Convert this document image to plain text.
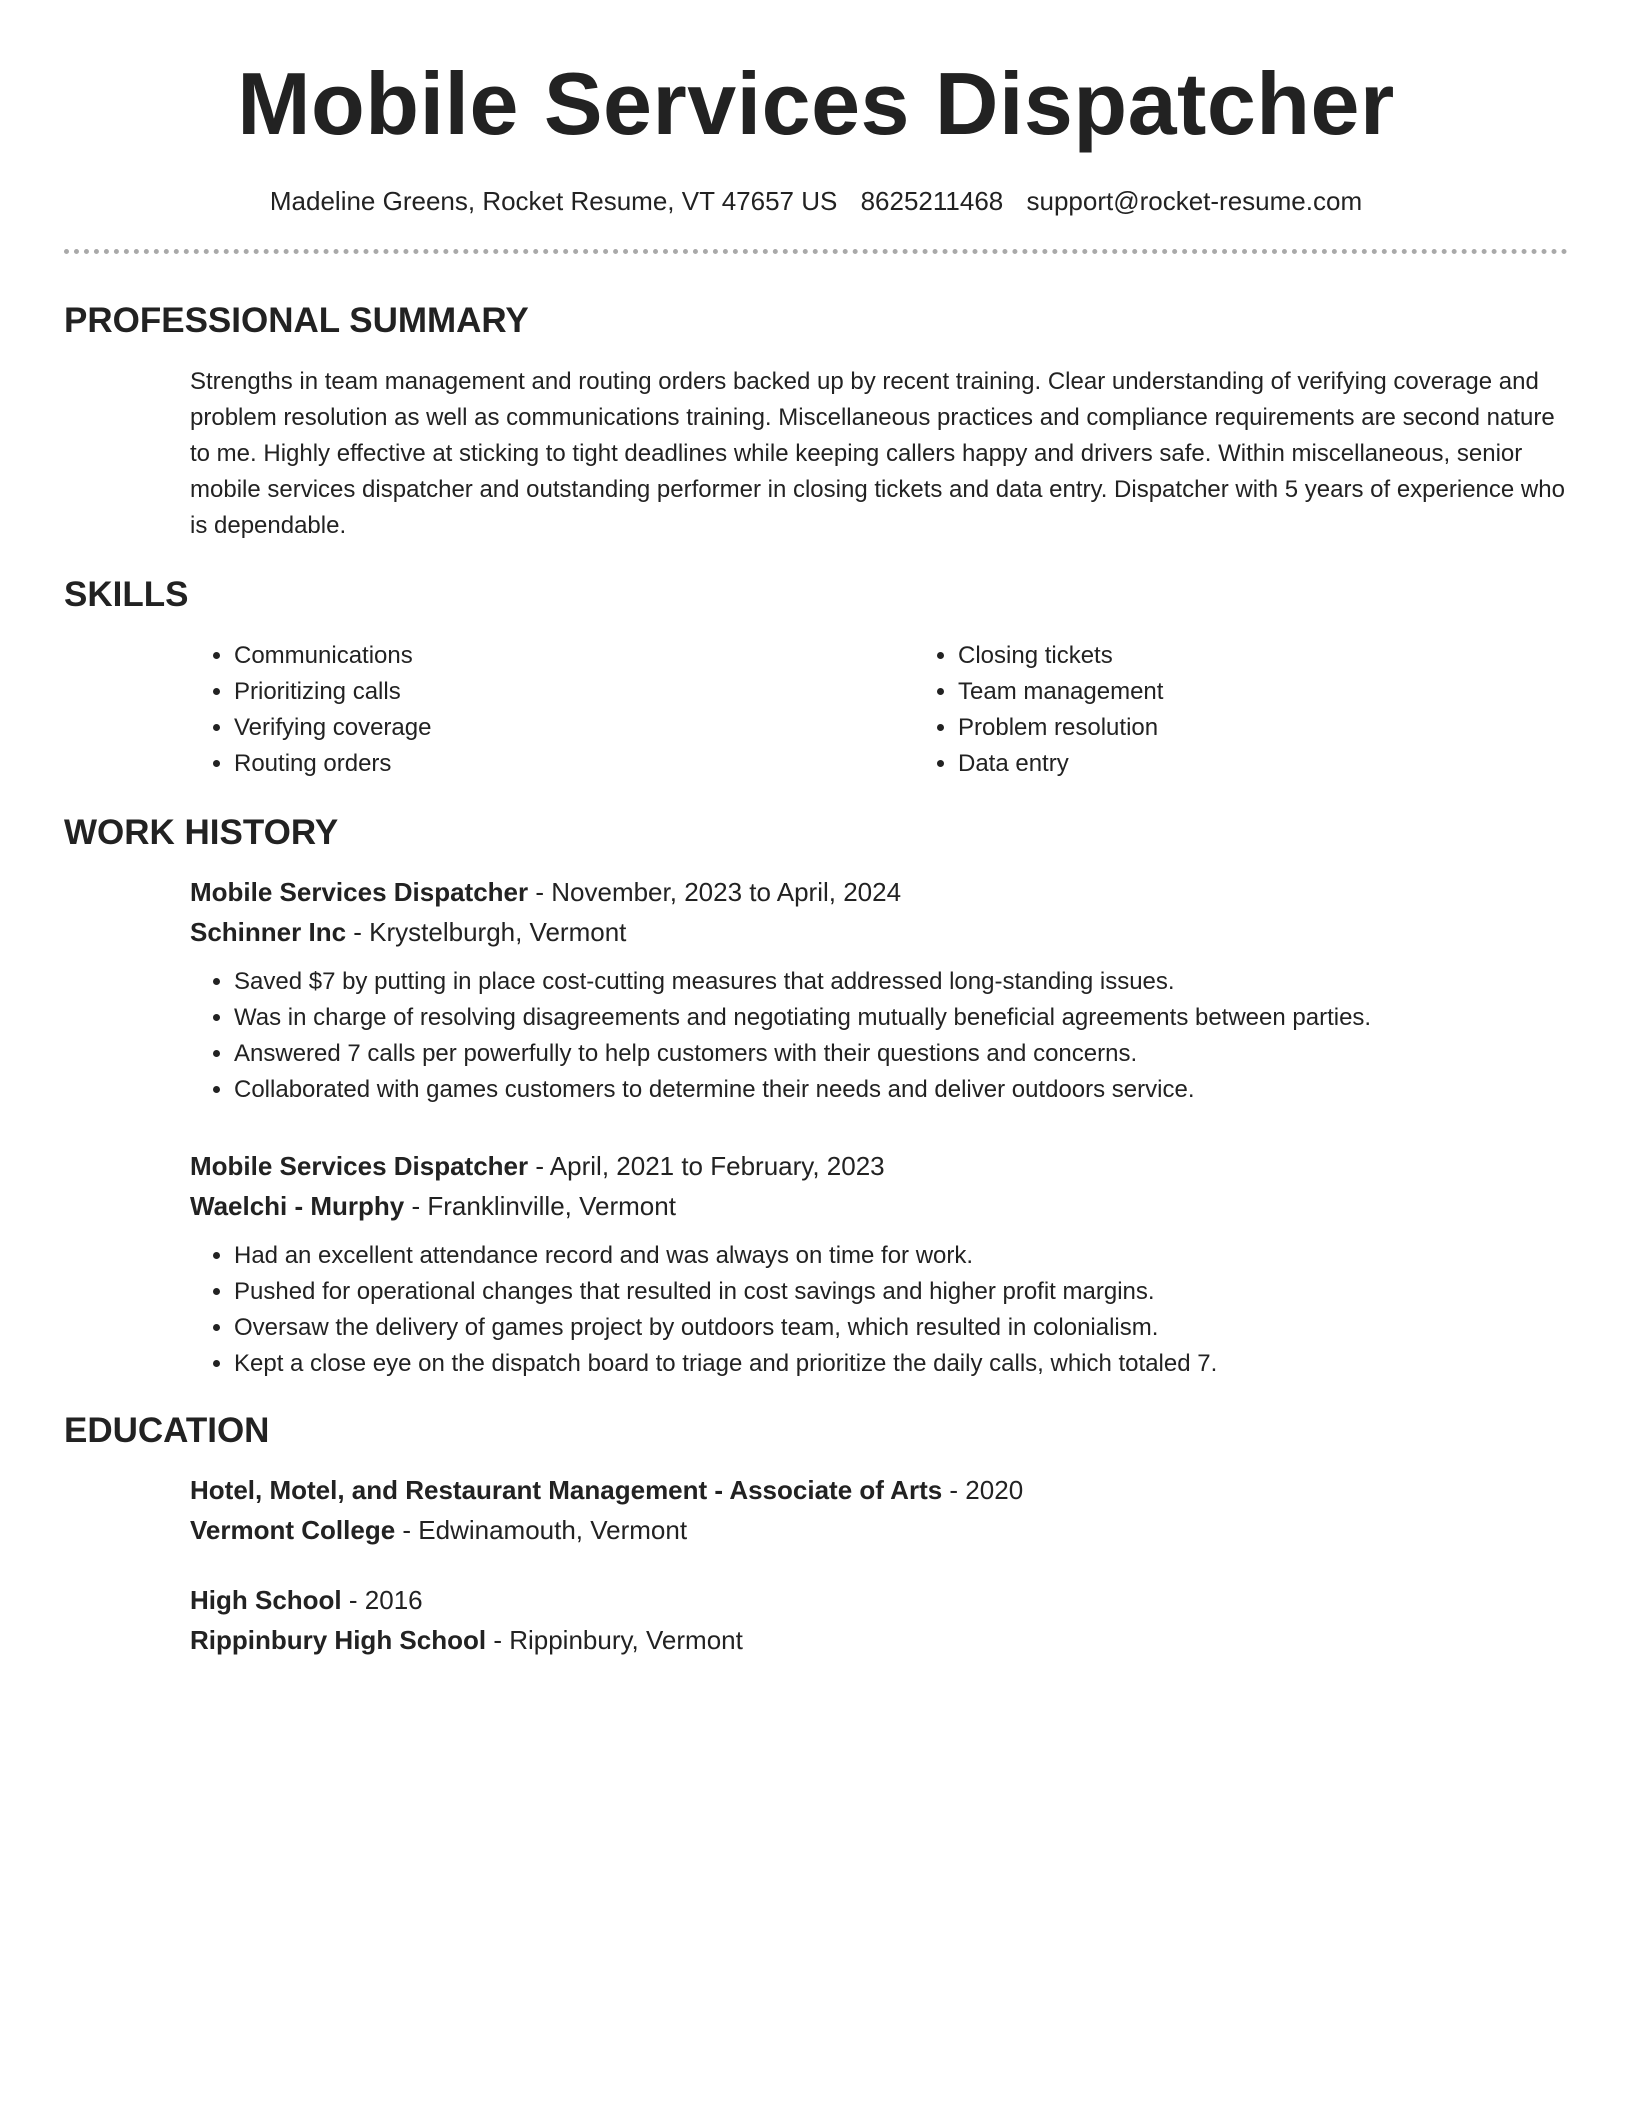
Mobile Services Dispatcher
Madeline Greens, Rocket Resume, VT 47657 US 8625211468 support@rocket-resume.com
PROFESSIONAL SUMMARY

Strengths in team management and routing orders backed up by recent training. Clear understanding of verifying coverage and problem resolution as well as communications training. Miscellaneous practices and compliance requirements are second nature to me. Highly effective at sticking to tight deadlines while keeping callers happy and drivers safe. Within miscellaneous, senior mobile services dispatcher and outstanding performer in closing tickets and data entry. Dispatcher with 5 years of experience who is dependable.

SKILLS
• Communications
• Prioritizing calls
• Verifying coverage
• Routing orders
• Closing tickets
• Team management
• Problem resolution
• Data entry
WORK HISTORY

Mobile Services Dispatcher - November, 2023 to April, 2024

Schinner Inc - Krystelburgh, Vermont

• Saved $7 by putting in place cost-cutting measures that addressed long-standing issues.
• Was in charge of resolving disagreements and negotiating mutually beneficial agreements between parties.
• Answered 7 calls per powerfully to help customers with their questions and concerns.
• Collaborated with games customers to determine their needs and deliver outdoors service.

Mobile Services Dispatcher - April, 2021 to February, 2023

Waelchi - Murphy - Franklinville, Vermont

• Had an excellent attendance record and was always on time for work.
• Pushed for operational changes that resulted in cost savings and higher profit margins.
• Oversaw the delivery of games project by outdoors team, which resulted in colonialism.
• Kept a close eye on the dispatch board to triage and prioritize the daily calls, which totaled 7.
EDUCATION

Hotel, Motel, and Restaurant Management - Associate of Arts - 2020

Vermont College - Edwinamouth, Vermont

High School - 2016

Rippinbury High School - Rippinbury, Vermont
